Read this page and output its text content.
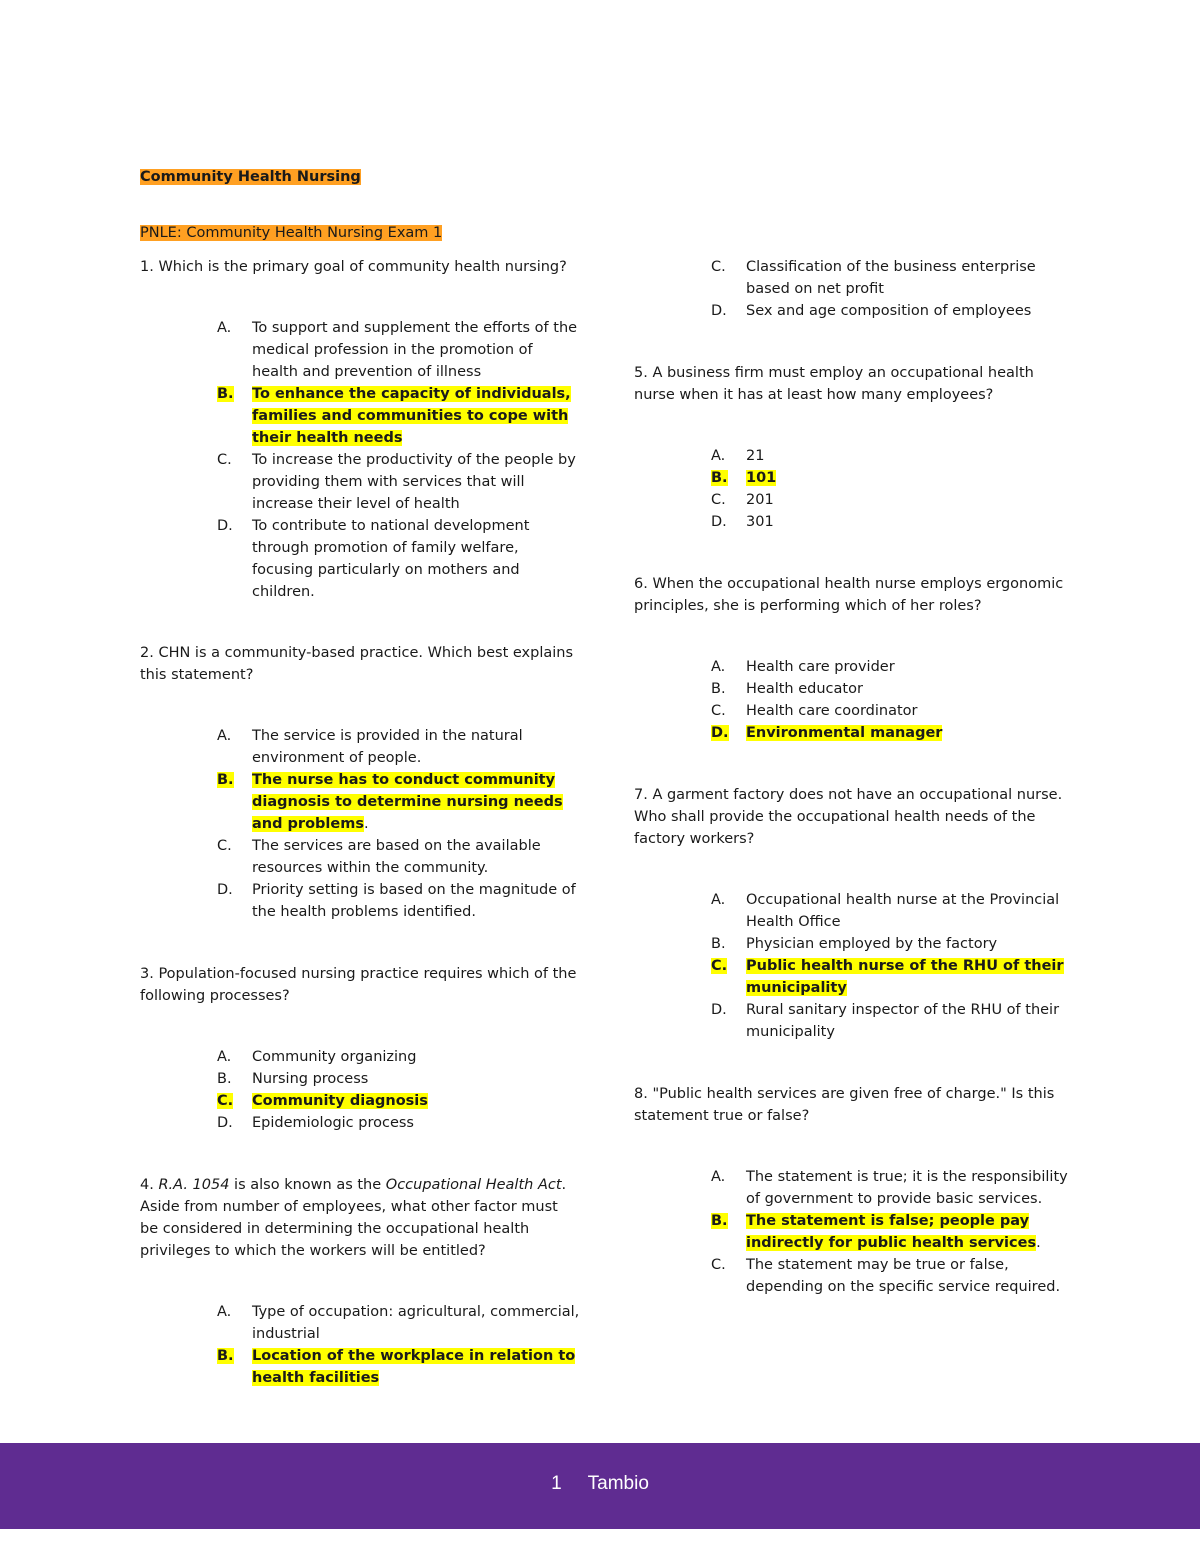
Community Health Nursing

PNLE: Community Health Nursing Exam 1

1. Which is the primary goal of community health nursing?

A.	To support and supplement the efforts of the medical profession in the promotion of health and prevention of illness
B.	To enhance the capacity of individuals, families and communities to cope with their health needs
C.	To increase the productivity of the people by providing them with services that will increase their level of health
D.	To contribute to national development through promotion of family welfare, focusing particularly on mothers and children.

2. CHN is a community-based practice. Which best explains this statement?

A.	The service is provided in the natural environment of people.
B.	The nurse has to conduct community diagnosis to determine nursing needs and problems.
C.	The services are based on the available resources within the community.
D.	Priority setting is based on the magnitude of the health problems identified.

3. Population-focused nursing practice requires which of the following processes?

A.	Community organizing
B.	Nursing process
C.	Community diagnosis
D.	Epidemiologic process

4. R.A. 1054 is also known as the Occupational Health Act. Aside from number of employees, what other factor must be considered in determining the occupational health privileges to which the workers will be entitled?

A.	Type of occupation: agricultural, commercial, industrial
B.	Location of the workplace in relation to health facilities
C.	Classification of the business enterprise based on net profit
D.	Sex and age composition of employees

5. A business firm must employ an occupational health nurse when it has at least how many employees?

A.	21
B.	101
C.	201
D.	301

6. When the occupational health nurse employs ergonomic principles, she is performing which of her roles?

A.	Health care provider
B.	Health educator
C.	Health care coordinator
D.	Environmental manager

7. A garment factory does not have an occupational nurse. Who shall provide the occupational health needs of the factory workers?

A.	Occupational health nurse at the Provincial Health Office
B.	Physician employed by the factory
C.	Public health nurse of the RHU of their municipality
D.	Rural sanitary inspector of the RHU of their municipality

8. "Public health services are given free of charge." Is this statement true or false?

A.	The statement is true; it is the responsibility of government to provide basic services.
B.	The statement is false; people pay indirectly for public health services.
C.	The statement may be true or false, depending on the specific service required.
1 Tambio
